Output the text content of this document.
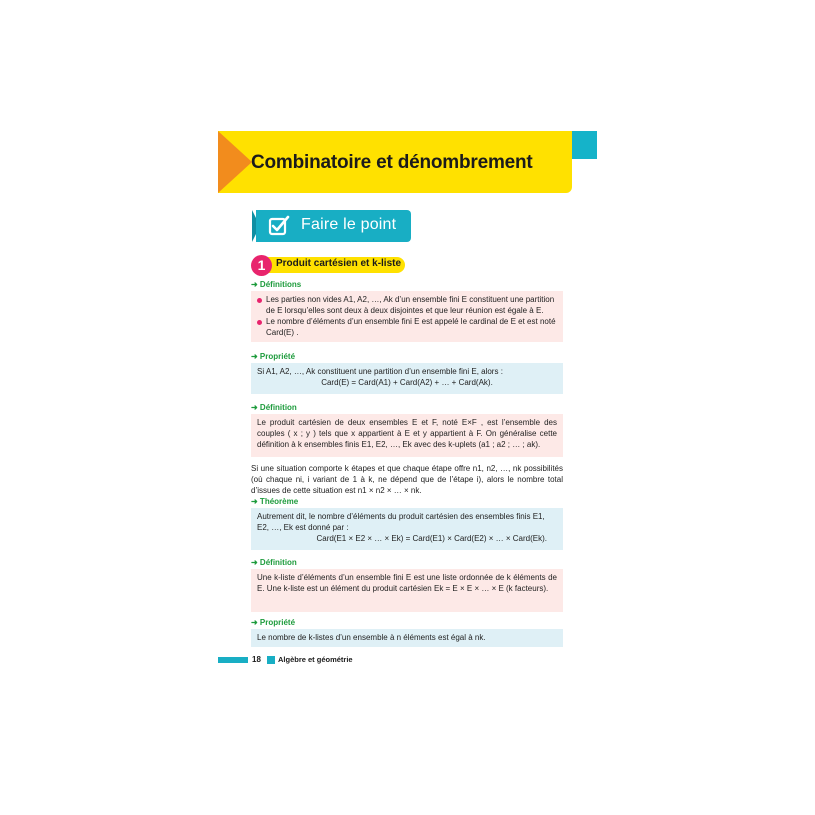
Combinatoire et dénombrement
Faire le point
1	Produit cartésien et k-liste
➜ Définitions
Les parties non vides A1, A2, …, Ak d’un ensemble fini E constituent une partition de E lorsqu’elles sont deux à deux disjointes et que leur réunion est égale à E.
Le nombre d’éléments d’un ensemble fini E est appelé le cardinal de E et est noté Card(E) .
➜ Propriété
Si A1, A2, …, Ak constituent une partition d’un ensemble fini E, alors :
Card(E) = Card(A1) + Card(A2) + … + Card(Ak).
➜ Définition
Le produit cartésien de deux ensembles E et F, noté E×F , est l’ensemble des couples ( x ; y ) tels que x appartient à E et y appartient à F. On généralise cette définition à k ensembles finis E1, E2, …, Ek avec des k-uplets (a1 ; a2 ; … ; ak).
Si une situation comporte k étapes et que chaque étape offre n1, n2, …, nk possibilités (où chaque ni, i variant de 1 à k, ne dépend que de l’étape i), alors le nombre total d’issues de cette situation est n1 × n2 × … × nk.
➜ Théorème
Autrement dit, le nombre d’éléments du produit cartésien des ensembles finis E1, E2, …, Ek est donné par :
Card(E1 × E2 × … × Ek) = Card(E1) × Card(E2) × … × Card(Ek).
➜ Définition
Une k-liste d’éléments d’un ensemble fini E est une liste ordonnée de k éléments de E. Une k-liste est un élément du produit cartésien Ek = E × E × … × E (k facteurs).
➜ Propriété
Le nombre de k-listes d’un ensemble à n éléments est égal à nk.
18 Algèbre et géométrie
